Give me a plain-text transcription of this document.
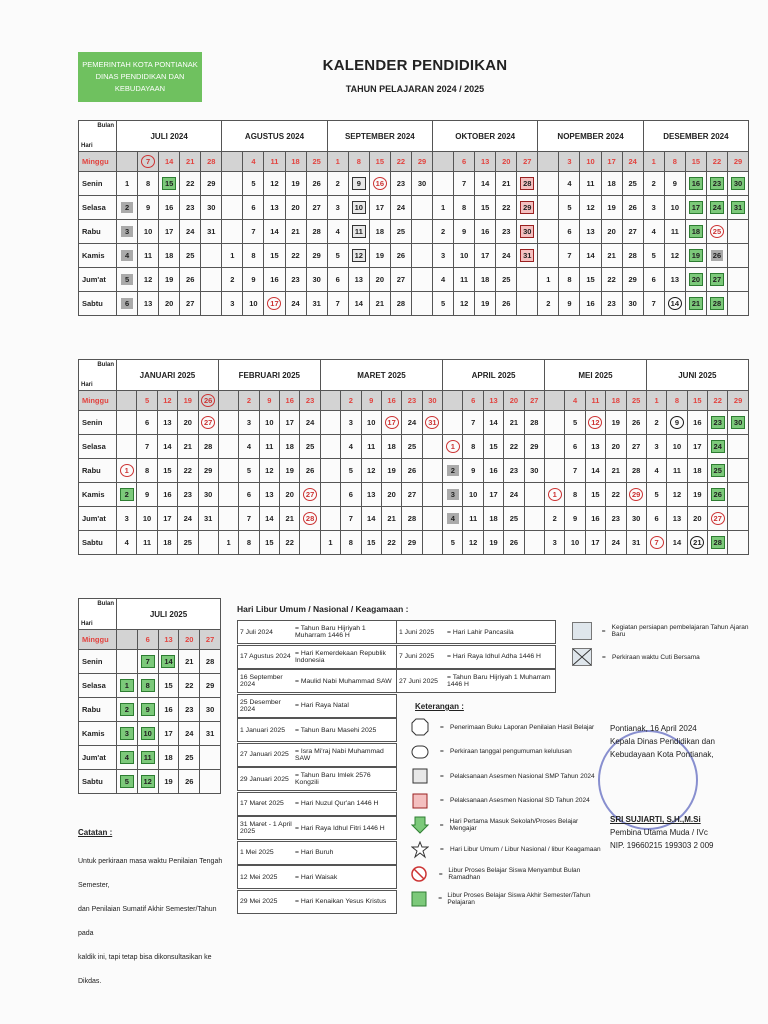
PEMERINTAH KOTA PONTIANAK
DINAS PENDIDIKAN DAN KEBUDAYAAN
KALENDER PENDIDIKAN
TAHUN PELAJARAN 2024 / 2025
Bulan
Hari	JULI 2024					AGUSTUS 2024					SEPTEMBER 2024					OKTOBER 2024					NOPEMBER 2024					DESEMBER 2024				
Minggu		7	14	21	28		4	11	18	25	1	8	15	22	29		6	13	20	27		3	10	17	24	1	8	15	22	29
Senin	1	8	15	22	29		5	12	19	26	2	9	16	23	30		7	14	21	28		4	11	18	25	2	9	16	23	30
Selasa	2	9	16	23	30		6	13	20	27	3	10	17	24		1	8	15	22	29		5	12	19	26	3	10	17	24	31
Rabu	3	10	17	24	31		7	14	21	28	4	11	18	25		2	9	16	23	30		6	13	20	27	4	11	18	25	
Kamis	4	11	18	25		1	8	15	22	29	5	12	19	26		3	10	17	24	31		7	14	21	28	5	12	19	26	
Jum'at	5	12	19	26		2	9	16	23	30	6	13	20	27		4	11	18	25		1	8	15	22	29	6	13	20	27	
Sabtu	6	13	20	27		3	10	17	24	31	7	14	21	28		5	12	19	26		2	9	16	23	30	7	14	21	28	
Bulan
Hari	JANUARI 2025					FEBRUARI 2025					MARET 2025						APRIL 2025					MEI 2025					JUNI 2025				
Minggu		5	12	19	26		2	9	16	23		2	9	16	23	30		6	13	20	27		4	11	18	25	1	8	15	22	29
Senin		6	13	20	27		3	10	17	24		3	10	17	24	31		7	14	21	28		5	12	19	26	2	9	16	23	30
Selasa		7	14	21	28		4	11	18	25		4	11	18	25		1	8	15	22	29		6	13	20	27	3	10	17	24	
Rabu	1	8	15	22	29		5	12	19	26		5	12	19	26		2	9	16	23	30		7	14	21	28	4	11	18	25	
Kamis	2	9	16	23	30		6	13	20	27		6	13	20	27		3	10	17	24		1	8	15	22	29	5	12	19	26	
Jum'at	3	10	17	24	31		7	14	21	28		7	14	21	28		4	11	18	25		2	9	16	23	30	6	13	20	27	
Sabtu	4	11	18	25		1	8	15	22		1	8	15	22	29		5	12	19	26		3	10	17	24	31	7	14	21	28	
Bulan
Hari	JULI 2025				
Minggu		6	13	20	27
Senin		7	14	21	28
Selasa	1	8	15	22	29
Rabu	2	9	16	23	30
Kamis	3	10	17	24	31
Jum'at	4	11	18	25	
Sabtu	5	12	19	26	
Hari Libur Umum / Nasional / Keagamaan :
7 Juli 2024	= Tahun Baru Hijriyah 1 Muharram 1446 H
17 Agustus 2024 = Hari Kemerdekaan Republik Indonesia
16 September 2024	= Maulid Nabi Muhammad SAW
25 Desember 2024	= Hari Raya Natal
1 Januari 2025	= Tahun Baru Masehi 2025
27 Januari 2025 = Isra Mi'raj Nabi Muhammad SAW
29 Januari 2025 = Tahun Baru Imlek 2576 Kongzili
17 Maret 2025	= Hari Nuzul Qur'an 1446 H
31 Maret - 1 April 2025	= Hari Raya Idhul Fitri 1446 H
1 Mei 2025	= Hari Buruh
12 Mei 2025	= Hari Waisak
29 Mei 2025	= Hari Kenaikan Yesus Kristus
1 Juni 2025	= Hari Lahir Pancasila
7 Juni 2025	= Hari Raya Idhul Adha 1446 H
27 Juni 2025	= Tahun Baru Hijriyah 1 Muharram 1446 H
= Kegiatan persiapan pembelajaran Tahun Ajaran Baru
= Perkiraan waktu Cuti Bersama
Keterangan :
= Penerimaan Buku Laporan Penilaian Hasil Belajar
= Perkiraan tanggal pengumuman kelulusan
= Pelaksanaan Asesmen Nasional SMP Tahun 2024
= Pelaksanaan Asesmen Nasional SD Tahun 2024
= Hari Pertama Masuk Sekolah/Proses Belajar Mengajar
= Hari Libur Umum / Libur Nasional / libur Keagamaan
= Libur Proses Belajar Siswa Menyambut Bulan Ramadhan
= Libur Proses Belajar Siswa Akhir Semester/Tahun Pelajaran
Catatan :
Untuk perkiraan masa waktu Penilaian Tengah Semester,
dan Penilaian Sumatif Akhir Semester/Tahun pada
kaldik ini, tapi tetap bisa dikonsultasikan ke Dikdas.
Pontianak, 16 April 2024
Kepala Dinas Pendidikan dan
Kebudayaan Kota Pontianak,
SRI SUJIARTI, S.H.,M.Si
Pembina Utama Muda / IVc
NIP. 19660215 199303 2 009
